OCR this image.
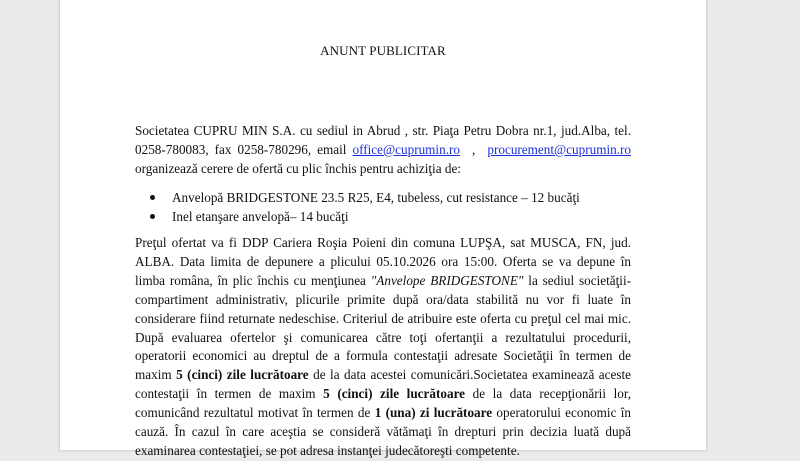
ANUNT PUBLICITAR
Societatea CUPRU MIN S.A. cu sediul in Abrud , str. Piaţa Petru Dobra nr.1, jud.Alba, tel. 0258-780083, fax 0258-780296, email office@cuprumin.ro  ,  procurement@cuprumin.ro organizează cerere de ofertă cu plic închis pentru achiziţia de:
Anvelopă BRIDGESTONE 23.5 R25, E4, tubeless, cut resistance – 12 bucăţi
Inel etanşare anvelopă– 14 bucăţi
Preţul ofertat va fi DDP Cariera Roşia Poieni din comuna LUPŞA, sat MUSCA, FN, jud. ALBA. Data limita de depunere a plicului 05.10.2026 ora 15:00. Oferta se va depune în limba româna, în plic închis cu menţiunea "Anvelope BRIDGESTONE" la sediul societăţii-compartiment administrativ, plicurile primite după ora/data stabilită nu vor fi luate în considerare fiind returnate nedeschise. Criteriul de atribuire este oferta cu preţul cel mai mic. După evaluarea ofertelor şi comunicarea către toţi ofertanţii a rezultatului procedurii, operatorii economici au dreptul de a formula contestaţii adresate Societăţii în termen de maxim 5 (cinci) zile lucrătoare de la data acestei comunicări.Societatea examinează aceste contestaţii în termen de maxim 5 (cinci) zile lucrătoare de la data recepţionării lor, comunicând rezultatul motivat în termen de 1 (una) zi lucrătoare operatorului economic în cauză. În cazul în care aceştia se consideră vătămaţi în drepturi prin decizia luată după examinarea contestaţiei, se pot adresa instanţei judecătoreşti competente.
